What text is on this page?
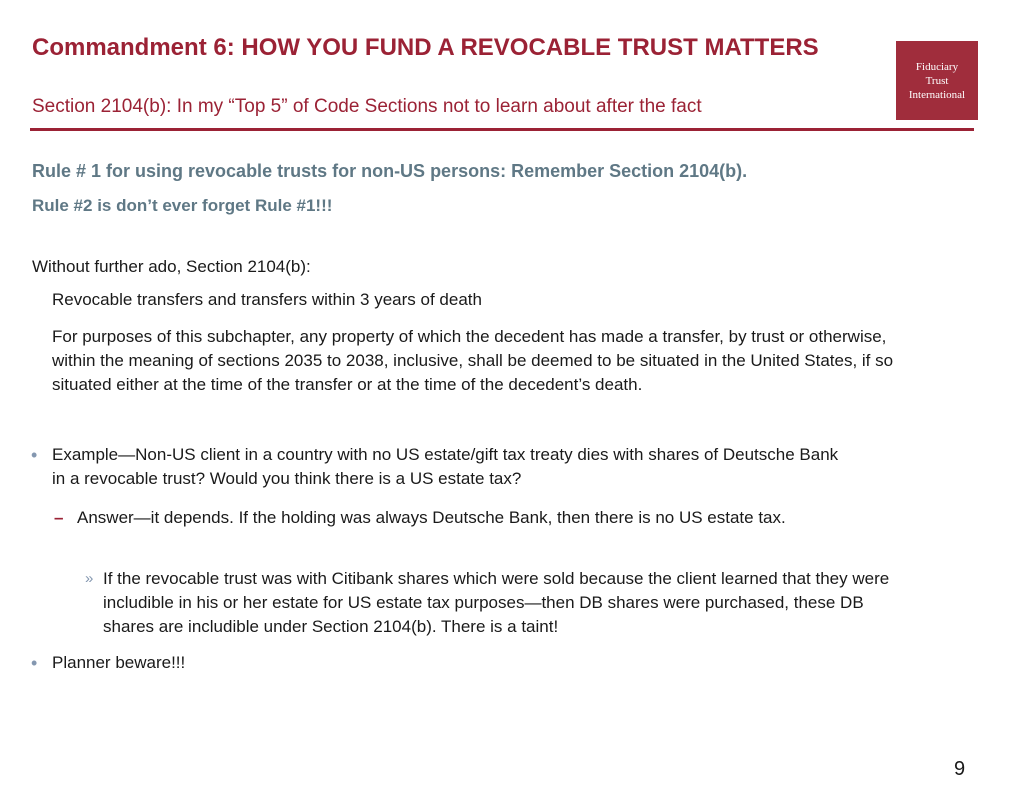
Commandment 6: HOW YOU FUND A REVOCABLE TRUST MATTERS
Section 2104(b): In my “Top 5” of Code Sections not to learn about after the fact
Fiduciary
Trust
International
Rule # 1 for using revocable trusts for non-US persons: Remember Section 2104(b).
Rule #2 is don’t ever forget Rule #1!!!
Without further ado, Section 2104(b):
Revocable transfers and transfers within 3 years of death
For purposes of this subchapter, any property of which the decedent has made a transfer, by trust or otherwise, within the meaning of sections 2035 to 2038, inclusive, shall be deemed to be situated in the United States, if so situated either at the time of the transfer or at the time of the decedent’s death.
• Example—Non-US client in a country with no US estate/gift tax treaty dies with shares of Deutsche Bank in a revocable trust? Would you think there is a US estate tax?
– Answer—it depends. If the holding was always Deutsche Bank, then there is no US estate tax.
» If the revocable trust was with Citibank shares which were sold because the client learned that they were includible in his or her estate for US estate tax purposes—then DB shares were purchased, these DB shares are includible under Section 2104(b). There is a taint!
• Planner beware!!!
9
